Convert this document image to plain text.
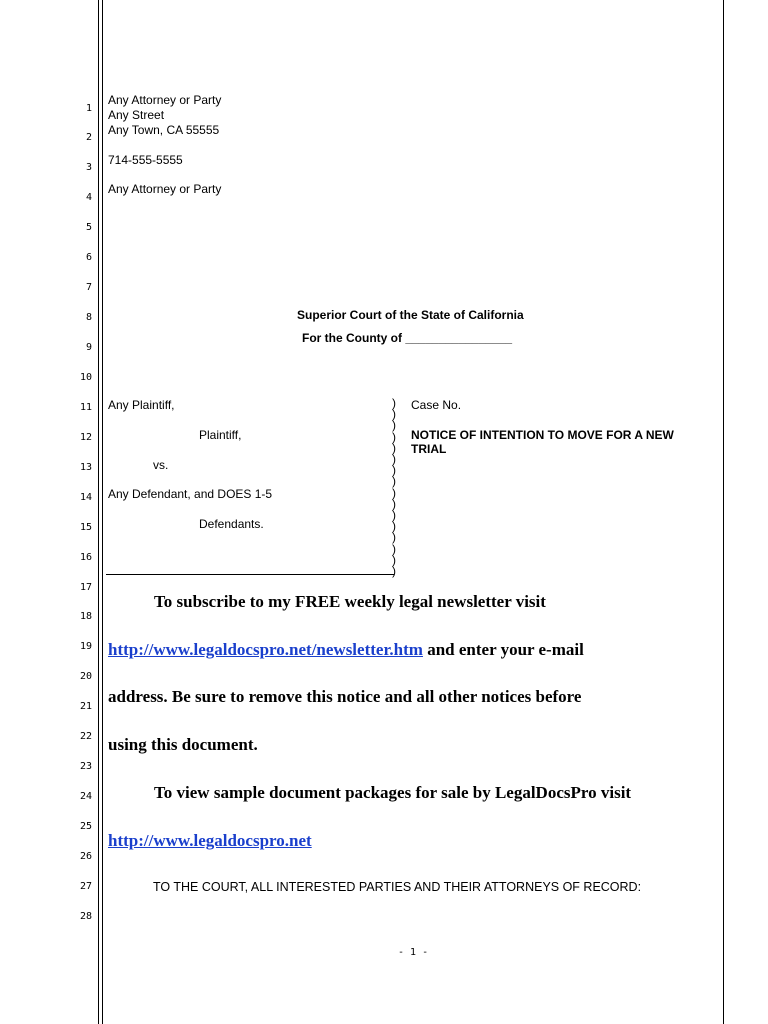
1
2
3
4
5
6
7
8
9
10
11
12
13
14
15
16
17
18
19
20
21
22
23
24
25
26
27
28
Any Attorney or Party
Any Street
Any Town, CA 55555
714-555-5555
Any Attorney or Party
Superior Court of the State of California
For the County of ________________
Any Plaintiff,
Plaintiff,
vs.
Any Defendant, and DOES 1-5
Defendants.
)
)
)
)
)
)
)
)
)
)
)
)
)
)
)
)
Case No.
NOTICE OF INTENTION TO MOVE FOR A NEW
TRIAL
To subscribe to my FREE weekly legal newsletter visit
http://www.legaldocspro.net/newsletter.htm and enter your e-mail
address. Be sure to remove this notice and all other notices before
using this document.
To view sample document packages for sale by LegalDocsPro visit
http://www.legaldocspro.net
TO THE COURT, ALL INTERESTED PARTIES AND THEIR ATTORNEYS OF RECORD:
- 1 -
